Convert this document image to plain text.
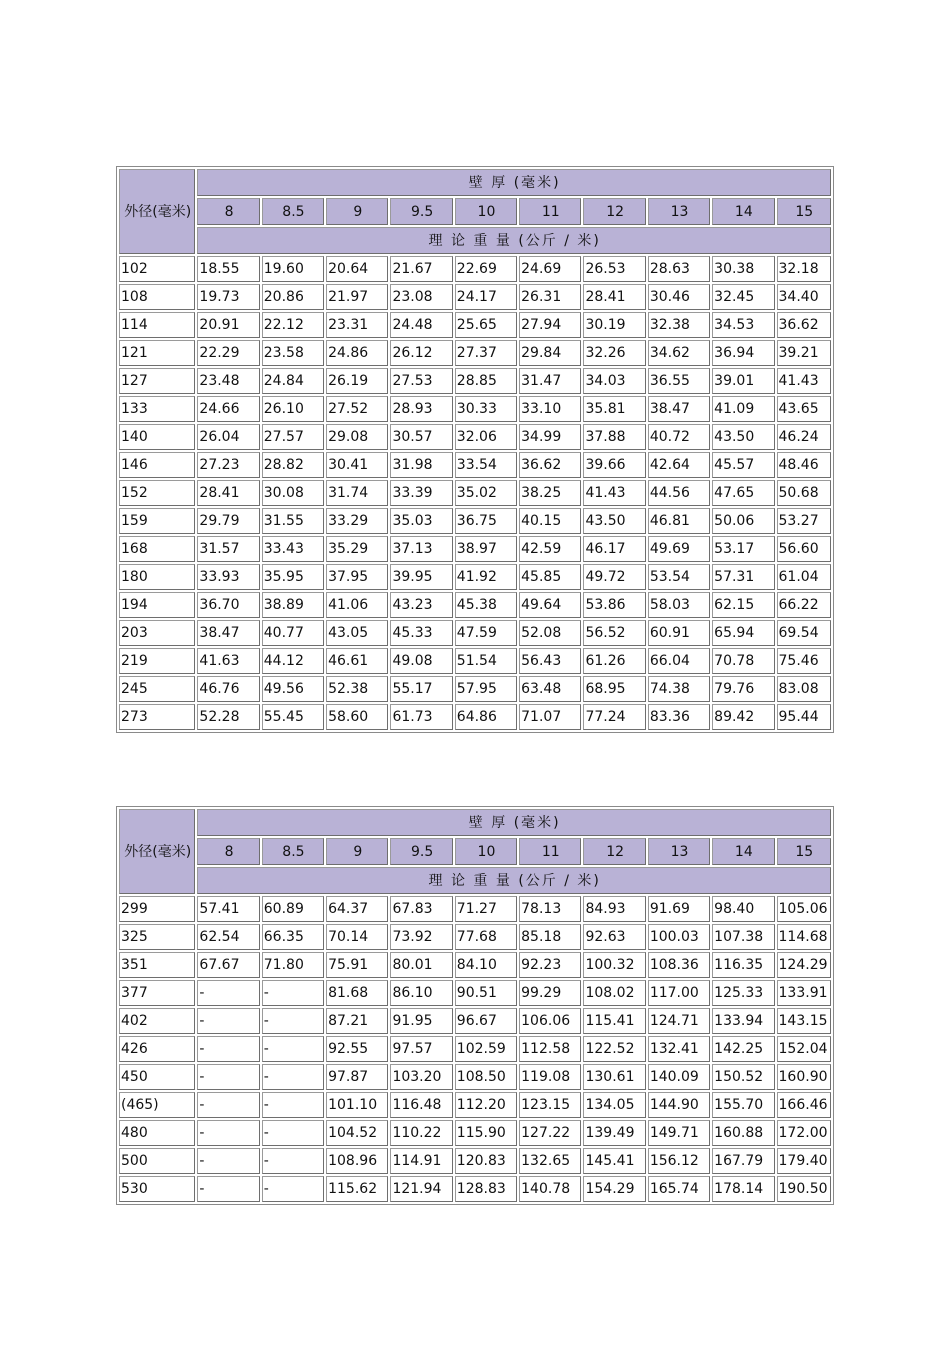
外径(毫米)	壁 厚 (毫米)									
	8	8.5	9	9.5	10	11	12	13	14	15
	理 论 重 量 (公斤 / 米)									
102	18.55	19.60	20.64	21.67	22.69	24.69	26.53	28.63	30.38	32.18
108	19.73	20.86	21.97	23.08	24.17	26.31	28.41	30.46	32.45	34.40
114	20.91	22.12	23.31	24.48	25.65	27.94	30.19	32.38	34.53	36.62
121	22.29	23.58	24.86	26.12	27.37	29.84	32.26	34.62	36.94	39.21
127	23.48	24.84	26.19	27.53	28.85	31.47	34.03	36.55	39.01	41.43
133	24.66	26.10	27.52	28.93	30.33	33.10	35.81	38.47	41.09	43.65
140	26.04	27.57	29.08	30.57	32.06	34.99	37.88	40.72	43.50	46.24
146	27.23	28.82	30.41	31.98	33.54	36.62	39.66	42.64	45.57	48.46
152	28.41	30.08	31.74	33.39	35.02	38.25	41.43	44.56	47.65	50.68
159	29.79	31.55	33.29	35.03	36.75	40.15	43.50	46.81	50.06	53.27
168	31.57	33.43	35.29	37.13	38.97	42.59	46.17	49.69	53.17	56.60
180	33.93	35.95	37.95	39.95	41.92	45.85	49.72	53.54	57.31	61.04
194	36.70	38.89	41.06	43.23	45.38	49.64	53.86	58.03	62.15	66.22
203	38.47	40.77	43.05	45.33	47.59	52.08	56.52	60.91	65.94	69.54
219	41.63	44.12	46.61	49.08	51.54	56.43	61.26	66.04	70.78	75.46
245	46.76	49.56	52.38	55.17	57.95	63.48	68.95	74.38	79.76	83.08
273	52.28	55.45	58.60	61.73	64.86	71.07	77.24	83.36	89.42	95.44
外径(毫米)	壁 厚 (毫米)									
	8	8.5	9	9.5	10	11	12	13	14	15
	理 论 重 量 (公斤 / 米)									
299	57.41	60.89	64.37	67.83	71.27	78.13	84.93	91.69	98.40	105.06
325	62.54	66.35	70.14	73.92	77.68	85.18	92.63	100.03	107.38	114.68
351	67.67	71.80	75.91	80.01	84.10	92.23	100.32	108.36	116.35	124.29
377	-	-	81.68	86.10	90.51	99.29	108.02	117.00	125.33	133.91
402	-	-	87.21	91.95	96.67	106.06	115.41	124.71	133.94	143.15
426	-	-	92.55	97.57	102.59	112.58	122.52	132.41	142.25	152.04
450	-	-	97.87	103.20	108.50	119.08	130.61	140.09	150.52	160.90
(465)	-	-	101.10	116.48	112.20	123.15	134.05	144.90	155.70	166.46
480	-	-	104.52	110.22	115.90	127.22	139.49	149.71	160.88	172.00
500	-	-	108.96	114.91	120.83	132.65	145.41	156.12	167.79	179.40
530	-	-	115.62	121.94	128.83	140.78	154.29	165.74	178.14	190.50
